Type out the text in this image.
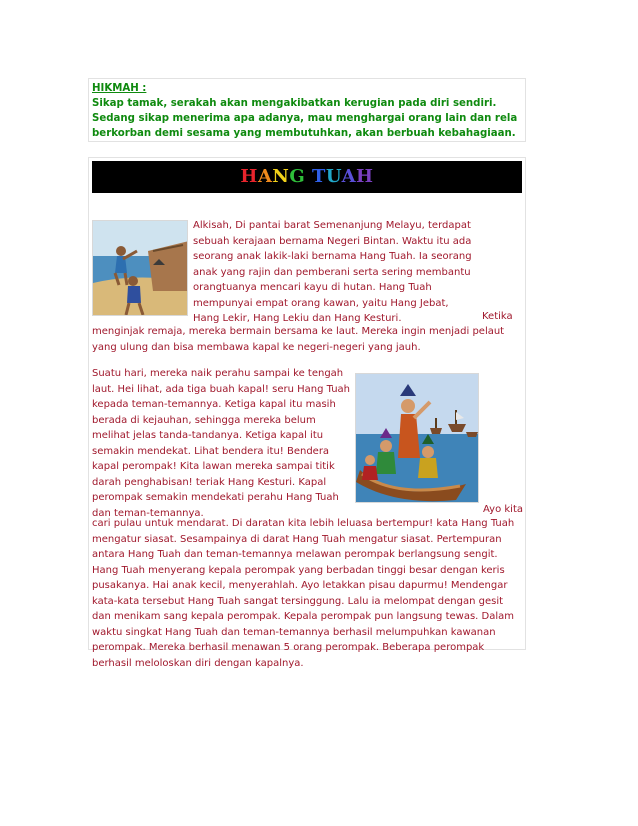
HIKMAH :
Sikap tamak, serakah akan mengakibatkan kerugian pada diri sendiri. Sedang sikap menerima apa adanya, mau menghargai orang lain dan rela berkorban demi sesama yang membutuhkan, akan berbuah kebahagiaan.
HANG TUAH

Alkisah, Di pantai barat Semenanjung Melayu, terdapat sebuah kerajaan bernama Negeri Bintan. Waktu itu ada seorang anak lakik-laki bernama Hang Tuah. Ia seorang anak yang rajin dan pemberani serta sering membantu orangtuanya mencari kayu di hutan. Hang Tuah mempunyai empat orang kawan, yaitu Hang Jebat, Hang Lekir, Hang Lekiu dan Hang Kesturi.	Ketika

menginjak remaja, mereka bermain bersama ke laut. Mereka ingin menjadi pelaut yang ulung dan bisa membawa kapal ke negeri-negeri yang jauh.

Suatu hari, mereka naik perahu sampai ke tengah laut. Hei lihat, ada tiga buah kapal! seru Hang Tuah kepada teman-temannya. Ketiga kapal itu masih berada di kejauhan, sehingga mereka belum melihat jelas tanda-tandanya. Ketiga kapal itu semakin mendekat. Lihat bendera itu! Bendera kapal perompak! Kita lawan mereka sampai titik darah penghabisan! teriak Hang Kesturi. Kapal perompak semakin mendekati perahu Hang Tuah dan teman-temannya.	Ayo kita

cari pulau untuk mendarat. Di daratan kita lebih leluasa bertempur! kata Hang Tuah mengatur siasat. Sesampainya di darat Hang Tuah mengatur siasat. Pertempuran antara Hang Tuah dan teman-temannya melawan perompak berlangsung sengit. Hang Tuah menyerang kepala perompak yang berbadan tinggi besar dengan keris pusakanya. Hai anak kecil, menyerahlah. Ayo letakkan pisau dapurmu! Mendengar kata-kata tersebut Hang Tuah sangat tersinggung. Lalu ia melompat dengan gesit dan menikam sang kepala perompak. Kepala perompak pun langsung tewas. Dalam waktu singkat Hang Tuah dan teman-temannya berhasil melumpuhkan kawanan perompak. Mereka berhasil menawan 5 orang perompak. Beberapa perompak berhasil meloloskan diri dengan kapalnya.
